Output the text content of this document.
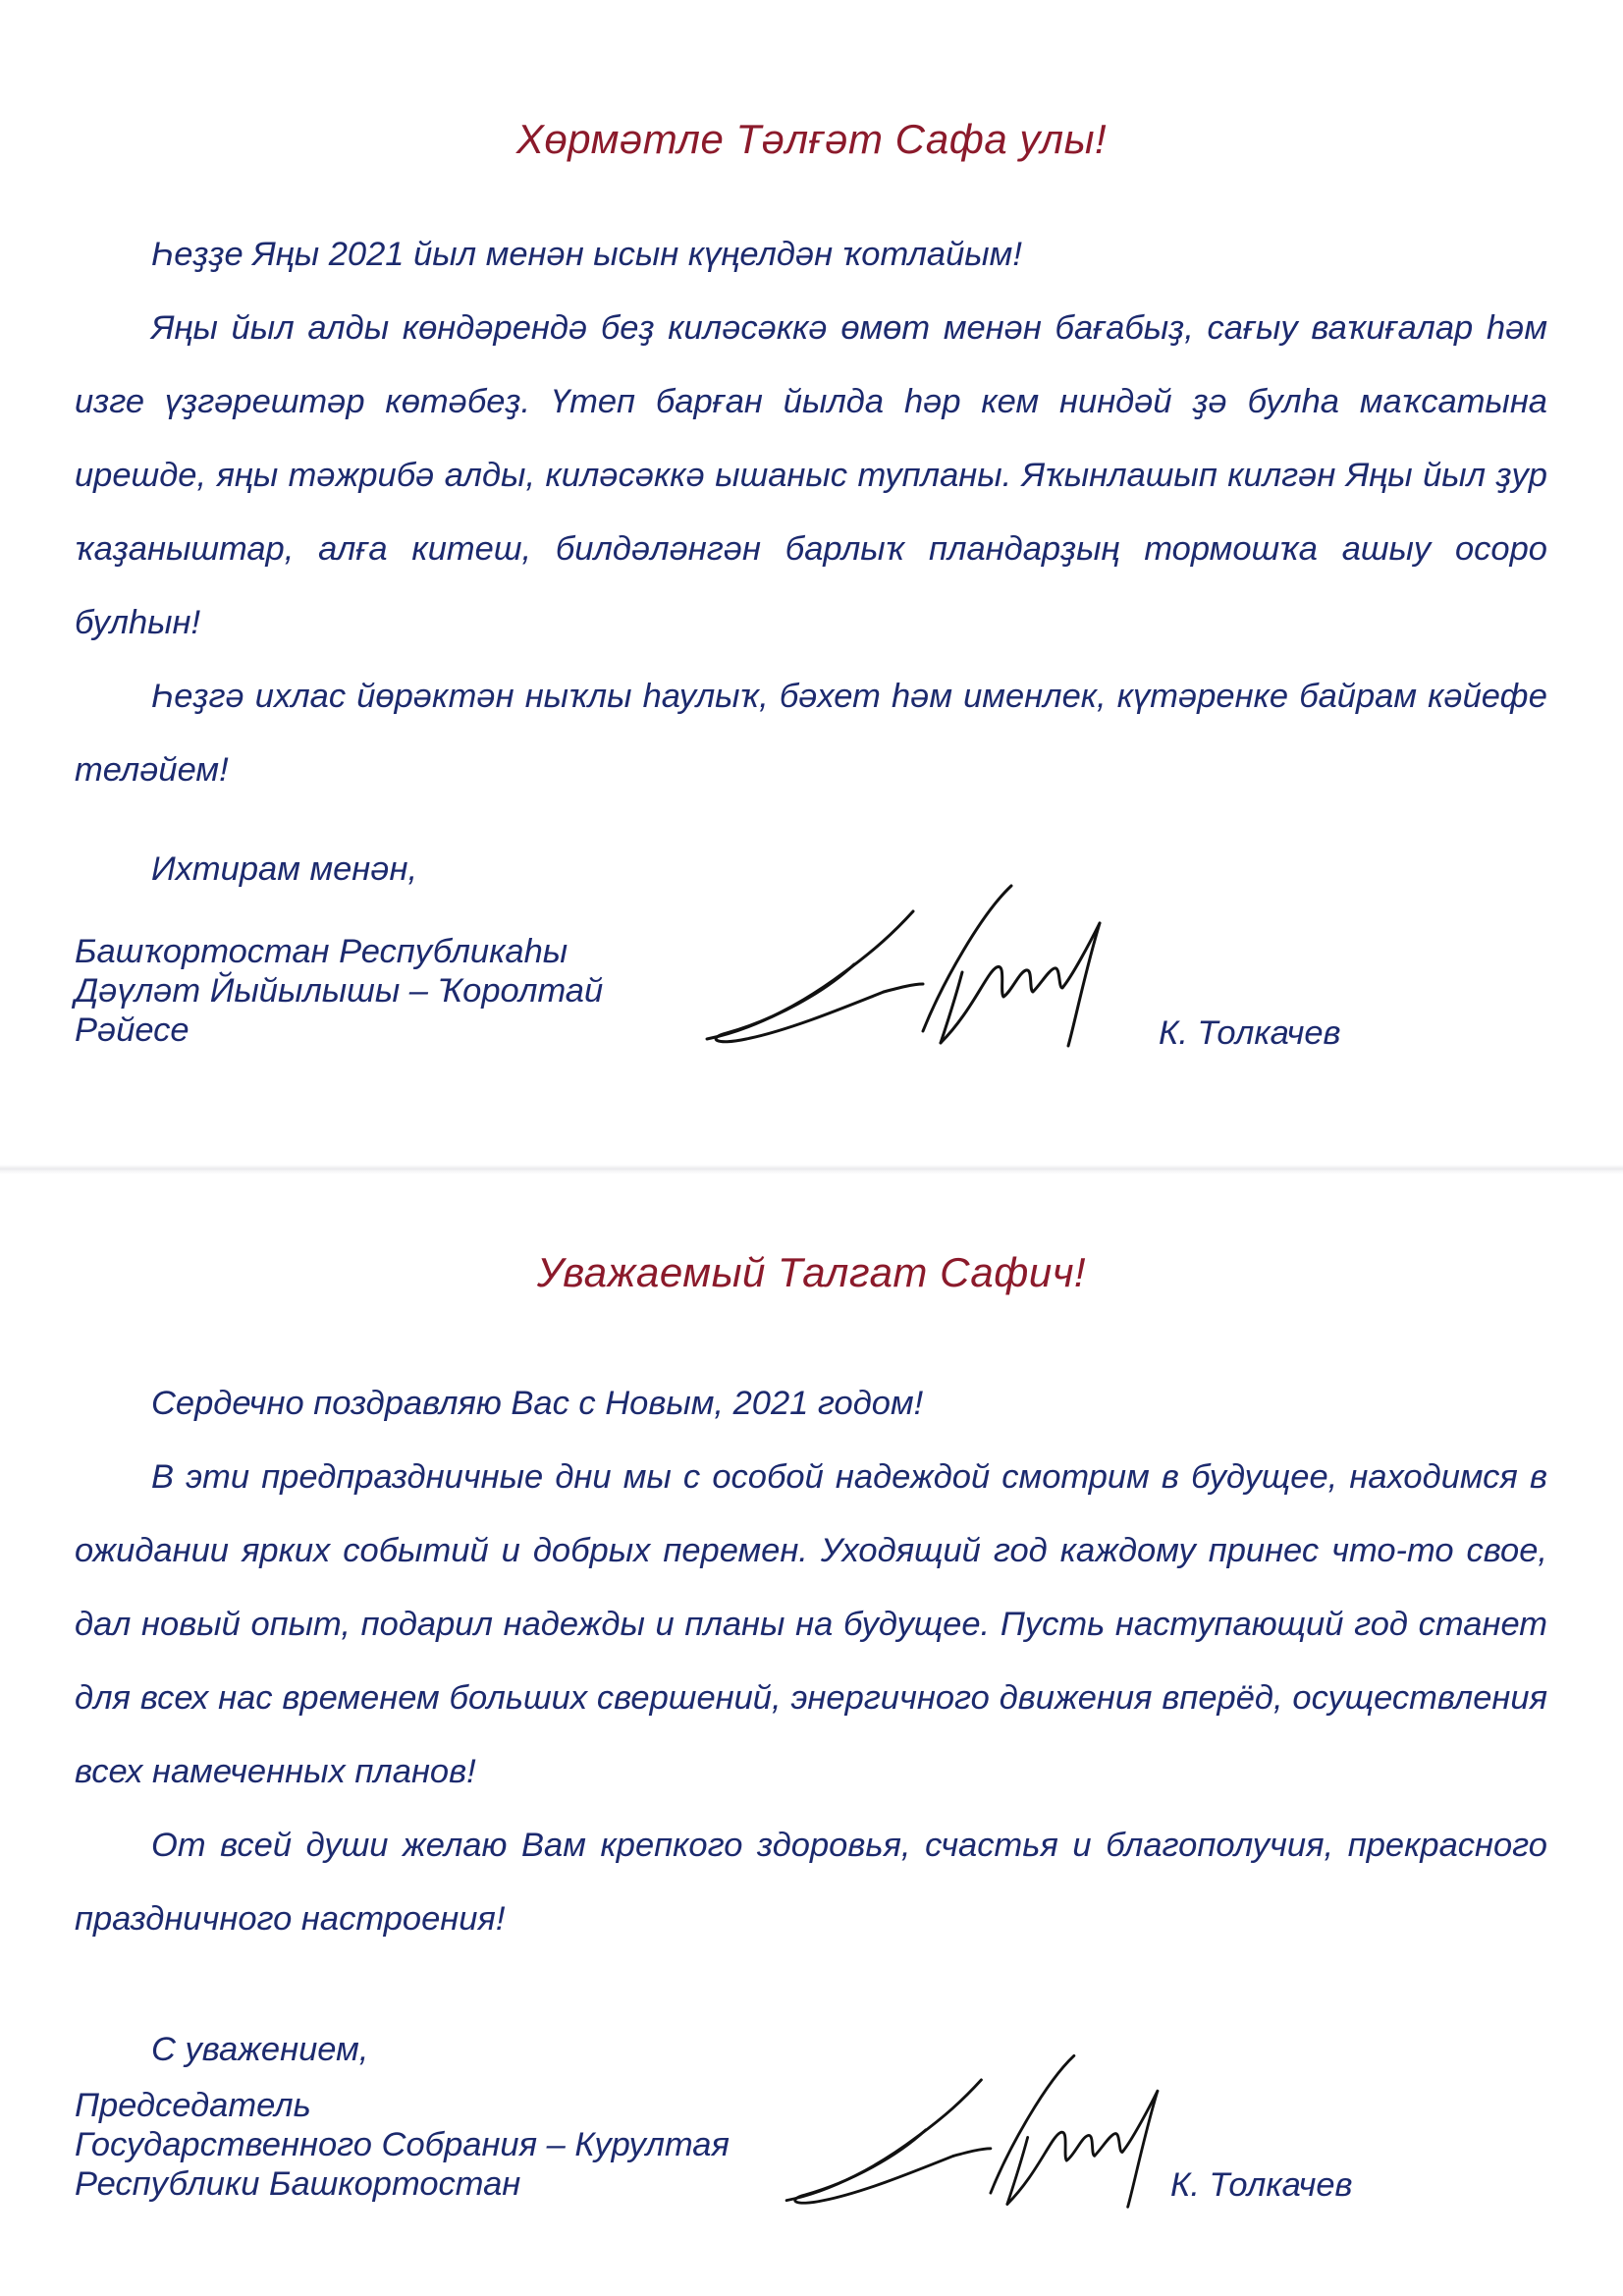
Хөрмәтле Тәлғәт Сафа улы!

Һеҙҙе Яңы 2021 йыл менән ысын күңелдән ҡотлайым!

Яңы йыл алды көндәрендә беҙ киләсәккә өмөт менән бағабыҙ, сағыу ваҡиғалар һәм изге үҙгәрештәр көтәбеҙ. Үтеп барған йылда һәр кем ниндәй ҙә булһа маҡсатына ирешде, яңы тәжрибә алды, киләсәккә ышаныс тупланы. Яҡынлашып килгән Яңы йыл ҙур ҡаҙаныштар, алға китеш, билдәләнгән барлыҡ пландарҙың тормошҡа ашыу осоро булһын!

Һеҙгә ихлас йөрәктән ныҡлы һаулыҡ, бәхет һәм именлек, күтәренке байрам кәйефе теләйем!

Ихтирам менән,
Башҡортостан Республикаһы
Дәүләт Йыйылышы – Ҡоролтай
Рәйесе	К. Толкачев
Уважаемый Талгат Сафич!

Сердечно поздравляю Вас с Новым, 2021 годом!

В эти предпраздничные дни мы с особой надеждой смотрим в будущее, находимся в ожидании ярких событий и добрых перемен. Уходящий год каждому принес что-то свое, дал новый опыт, подарил надежды и планы на будущее. Пусть наступающий год станет для всех нас временем больших свершений, энергичного движения вперёд, осуществления всех намеченных планов!

От всей души желаю Вам крепкого здоровья, счастья и благополучия, прекрасного праздничного настроения!

С уважением,
Председатель
Государственного Собрания – Курултая
Республики Башкортостан	К. Толкачев
